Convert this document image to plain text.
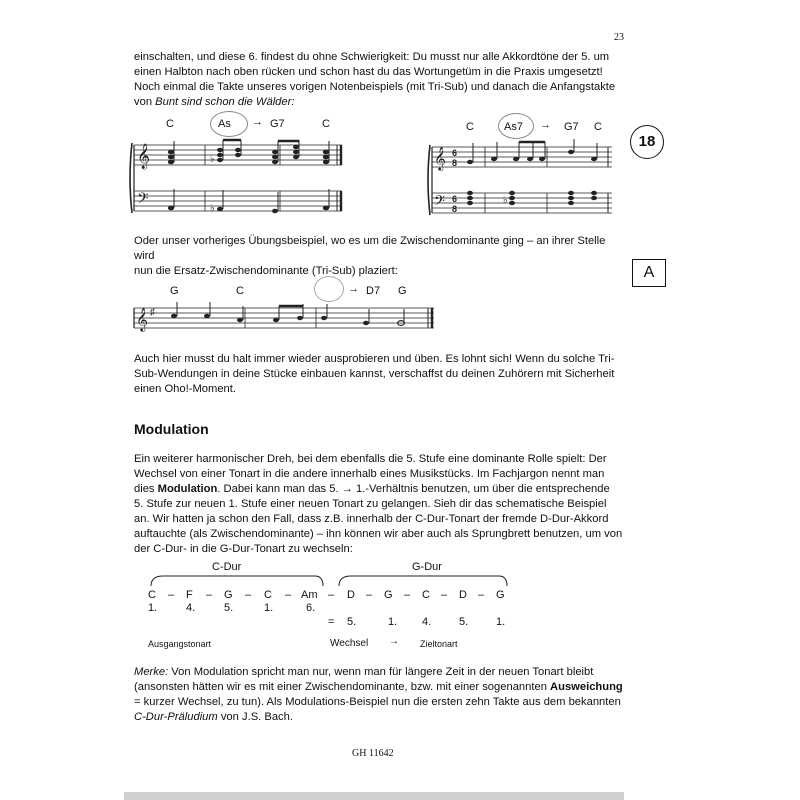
23

einschalten, und diese 6. findest du ohne Schwierigkeit: Du musst nur alle Akkordtöne der 5. um

einen Halbton nach oben rücken und schon hast du das Wortungetüm in die Praxis umgesetzt!

Noch einmal die Takte unseres vorigen Notenbeispiels (mit Tri-Sub) und danach die Anfangstakte

von Bunt sind schon die Wälder:

C	As → G7	C
𝄞
𝄢
♭
♭
C	As7 → G7 C
𝄞
𝄢
6
8
6
8
♭
18

Oder unser vorheriges Übungsbeispiel, wo es um die Zwischendominante ging – an ihrer Stelle wird

nun die Ersatz-Zwischendominante (Tri-Sub) plaziert:	A
G	C	→ D7 G
𝄞 ♯

Auch hier musst du halt immer wieder ausprobieren und üben. Es lohnt sich! Wenn du solche Tri-

Sub-Wendungen in deine Stücke einbauen kannst, verschaffst du deinen Zuhörern mit Sicherheit

einen Oho!-Moment.

Modulation

Ein weiterer harmonischer Dreh, bei dem ebenfalls die 5. Stufe eine dominante Rolle spielt: Der

Wechsel von einer Tonart in die andere innerhalb eines Musikstücks. Im Fachjargon nennt man

dies Modulation. Dabei kann man das 5. → 1.-Verhältnis benutzen, um über die entsprechende

5. Stufe zur neuen 1. Stufe einer neuen Tonart zu gelangen. Sieh dir das schematische Beispiel

an. Wir hatten ja schon den Fall, dass z.B. innerhalb der C-Dur-Tonart der fremde D-Dur-Akkord

auftauchte (als Zwischendominante) – ihn können wir aber auch als Sprungbrett benutzen, um von

der C-Dur- in die G-Dur-Tonart zu wechseln:

C-Dur	G-Dur
C – F – G – C – Am – D – G – C – D – G
1.	4.	5.	1.	6.
= 5.	1. 4.	5.	1.
Ausgangstonart	Wechsel → Zieltonart

Merke: Von Modulation spricht man nur, wenn man für längere Zeit in der neuen Tonart bleibt

(ansonsten hätten wir es mit einer Zwischendominante, bzw. mit einer sogenannten Ausweichung

= kurzer Wechsel, zu tun). Als Modulations-Beispiel nun die ersten zehn Takte aus dem bekannten

C-Dur-Präludium von J.S. Bach.

GH 11642
